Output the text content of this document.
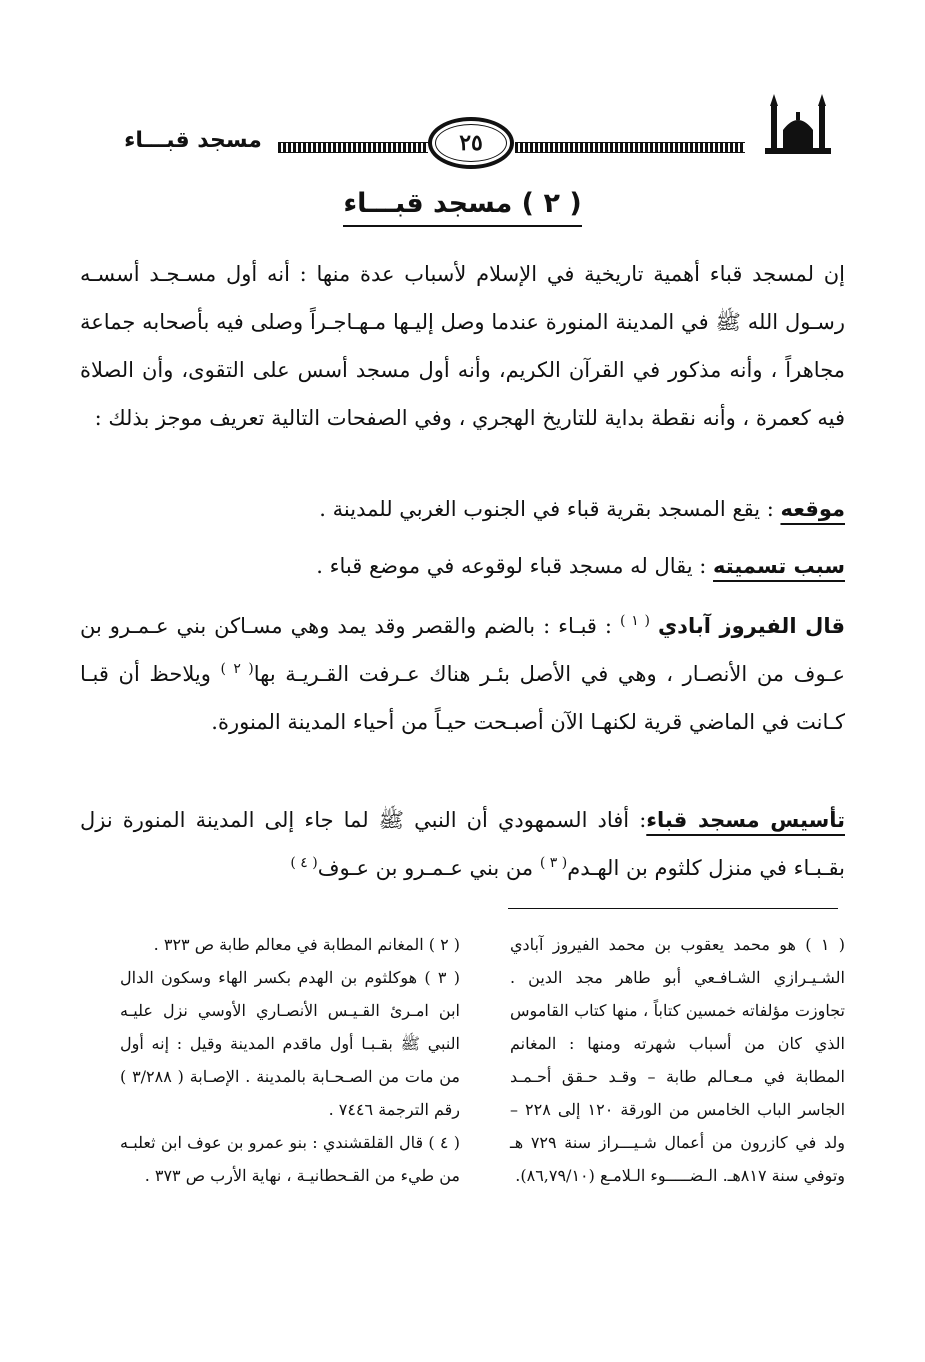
٢٥
مسجد قبـــاء
( ٢ ) مسجد قبـــاء

إن لمسجد قباء أهمية تاريخية في الإسلام لأسباب عدة منها : أنه أول مسـجـد أسسـه رسـول الله ﷺ في المدينة المنورة عندما وصل إليـها مـهـاجـراً وصلى فيه بأصحابه جماعة مجاهراً ، وأنه مذكور في القرآن الكريم، وأنه أول مسجد أسس على التقوى، وأن الصلاة فيه كعمرة ، وأنه نقطة بداية للتاريخ الهجري ، وفي الصفحات التالية تعريف موجز بذلك :

موقعه : يقع المسجد بقرية قباء في الجنوب الغربي للمدينة .

سبب تسميته : يقال له مسجد قباء لوقوعه في موضع قباء .

قال الفيروز آبادي $^{( ١ )}$ : قبـاء : بالضم والقصر وقد يمد وهي مسـاكن بني عـمـرو بن عـوف من الأنصـار ، وهي في الأصل بئـر هناك عـرفت القـريـة بها$^{( ٢ )}$ ويلاحظ أن قبـا كـانت في الماضي قرية لكنهـا الآن أصبـحت حيـاً من أحياء المدينة المنورة.

تأسيس مسجد قباء: أفاد السمهودي أن النبي ﷺ لما جاء إلى المدينة المنورة نزل بقـبـاء في منزل كلثوم بن الهـدم$^{( ٣ )}$ من بني عـمـرو بن عـوف$^{( ٤ )}$

( ١ ) هو محمد يعقوب بن محمد الفيروز آبادي الشـيـرازي الشـافـعي أبو طاهر مجد الدين . تجاوزت مؤلفاته خمسين كتاباً ، منها كتاب القاموس الذي كان من أسباب شهرته ومنها : المغانم المطابة في مـعـالم طابة – وقـد حـقق أحـمـد الجاسر الباب الخامس من الورقة ١٢٠ إلى ٢٢٨ – ولد في كازرون من أعمال شـيـــراز سنة ٧٢٩ هـ وتوفي سنة ٨١٧هـ. الـضـــــوء الـلامـع (٨٦,٧٩/١٠).
( ٢ ) المغانم المطابة في معالم طابة ص ٣٢٣ .
( ٣ ) هوكلثوم بن الهدم بكسر الهاء وسكون الدال ابن امـرئ القـيـس الأنصـاري الأوسي نزل عليـه النبي ﷺ بقـبـا أول ماقدم المدينة وقيل : إنه أول من مات من الصـحـابة بالمدينة . الإصـابة ( ٣/٢٨٨ ) رقم الترجمة ٧٤٤٦ .
( ٤ ) قال القلقشندي : بنو عمرو بن عوف ابن ثعلبـه من طيء من القـحطانيـة ، نهاية الأرب ص ٣٧٣ .
